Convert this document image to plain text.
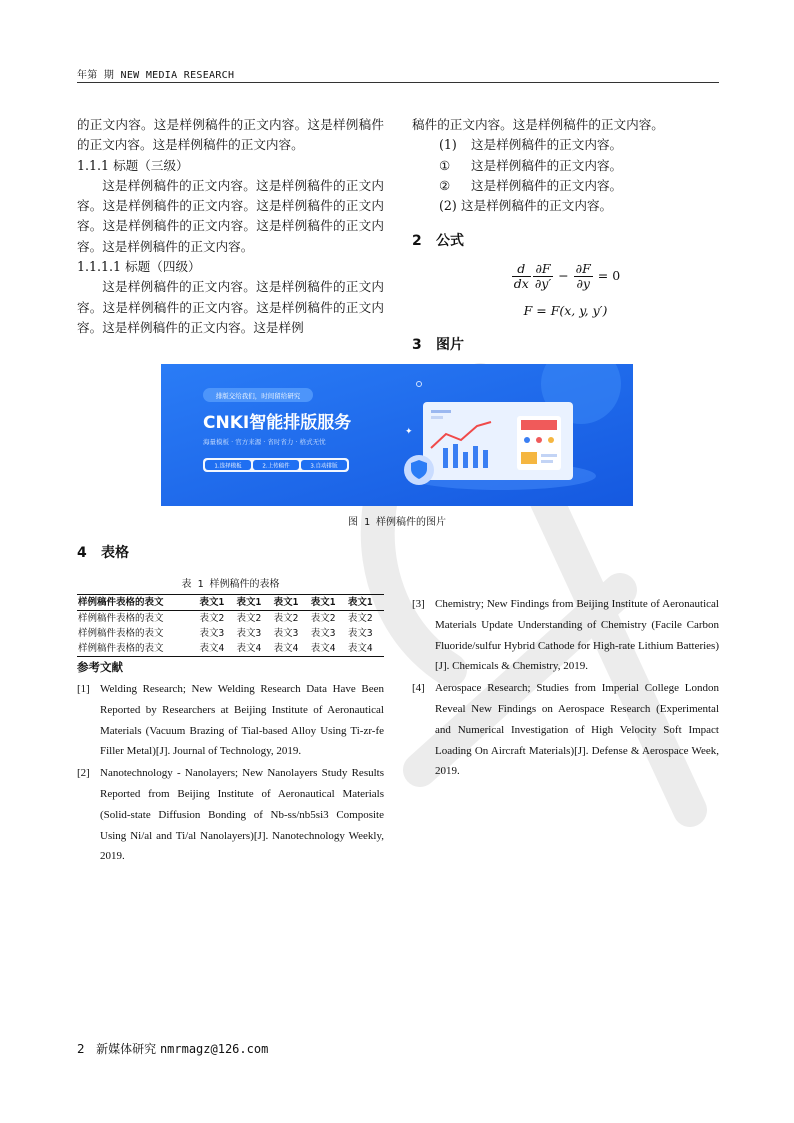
年第 期 NEW MEDIA RESEARCH

的正文内容。这是样例稿件的正文内容。这是样例稿件的正文内容。这是样例稿件的正文内容。

1.1.1 标题（三级）

这是样例稿件的正文内容。这是样例稿件的正文内容。这是样例稿件的正文内容。这是样例稿件的正文内容。这是样例稿件的正文内容。这是样例稿件的正文内容。这是样例稿件的正文内容。

1.1.1.1 标题（四级）

这是样例稿件的正文内容。这是样例稿件的正文内容。这是样例稿件的正文内容。这是样例稿件的正文内容。这是样例稿件的正文内容。这是样例

稿件的正文内容。这是样例稿件的正文内容。

(1) 这是样例稿件的正文内容。

① 这是样例稿件的正文内容。

② 这是样例稿件的正文内容。

(2) 这是样例稿件的正文内容。

2 公式
$\frac{d}{dx} \frac{\partial F}{\partial y'} - \frac{\partial F}{\partial y} = 0$
F = F(x, y, y′)
3 图片
排版交给我们，时间留给研究
CNKI智能排版服务
海量模板 · 官方来源 · 省时省力 · 格式无忧
1.选择模板	2.上传稿件	3.自动排版
✦
图 1 样例稿件的图片
4 表格
表 1 样例稿件的表格
样例稿件表格的表文	表文1	表文1	表文1	表文1	表文1
样例稿件表格的表文	表文2	表文2	表文2	表文2	表文2
样例稿件表格的表文	表文3	表文3	表文3	表文3	表文3
样例稿件表格的表文	表文4	表文4	表文4	表文4	表文4
参考文献

[1] Welding Research; New Welding Research Data Have Been Reported by Researchers at Beijing Institute of Aeronautical Materials (Vacuum Brazing of Tial-based Alloy Using Ti-zr-fe Filler Metal)[J]. Journal of Technology, 2019.

[2] Nanotechnology - Nanolayers; New Nanolayers Study Results Reported from Beijing Institute of Aeronautical Materials (Solid-state Diffusion Bonding of Nb-ss/nb5si3 Composite Using Ni/al and Ti/al Nanolayers)[J]. Nanotechnology Weekly, 2019.

[3] Chemistry; New Findings from Beijing Institute of Aeronautical Materials Update Understanding of Chemistry (Facile Carbon Fluoride/sulfur Hybrid Cathode for High-rate Lithium Batteries)[J]. Chemicals & Chemistry, 2019.

[4] Aerospace Research; Studies from Imperial College London Reveal New Findings on Aerospace Research (Experimental and Numerical Investigation of High Velocity Soft Impact Loading On Aircraft Materials)[J]. Defense & Aerospace Week, 2019.

2 新媒体研究 nmrmagz@126.com
